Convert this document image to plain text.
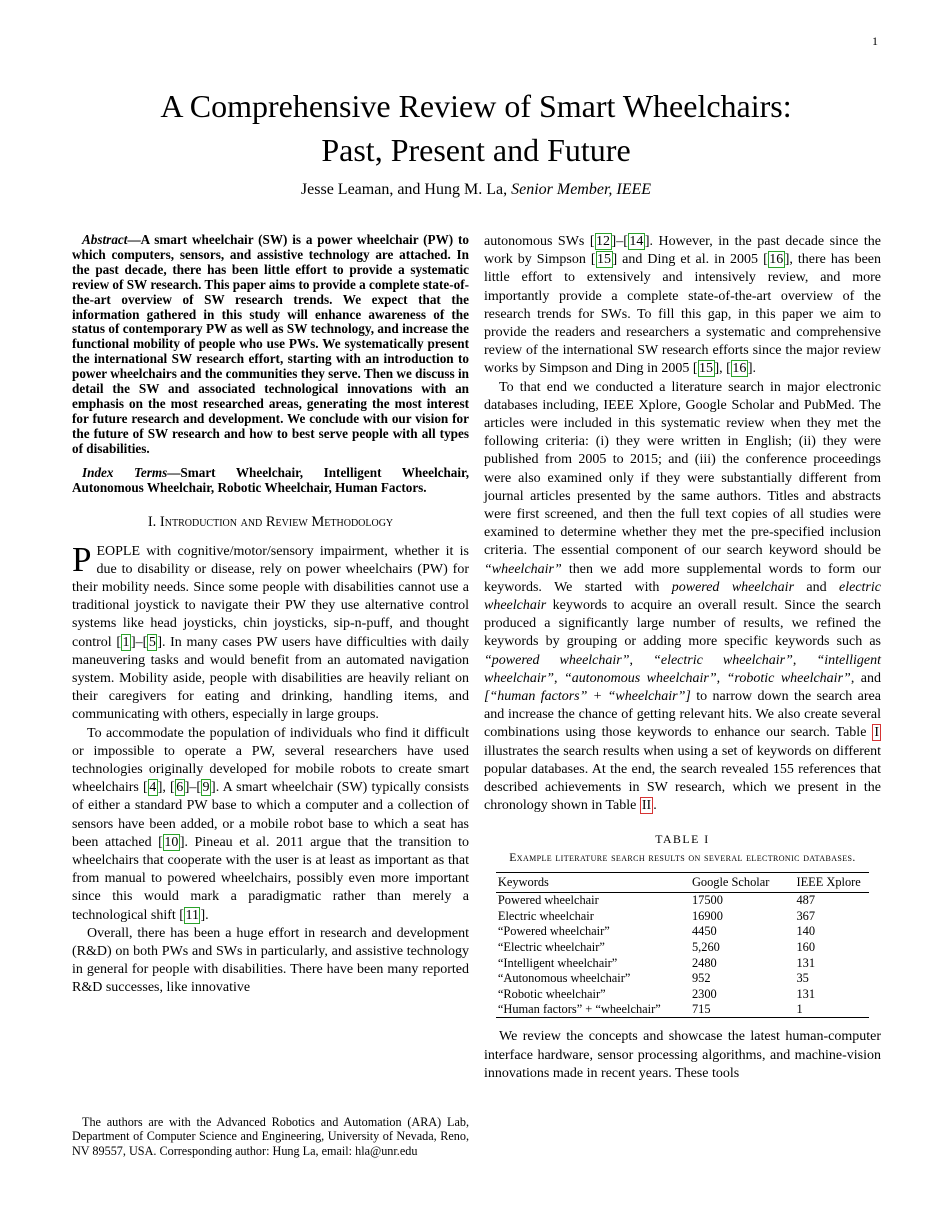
1
A Comprehensive Review of Smart Wheelchairs:
Past, Present and Future
Jesse Leaman, and Hung M. La, Senior Member, IEEE

Abstract—A smart wheelchair (SW) is a power wheelchair (PW) to which computers, sensors, and assistive technology are attached. In the past decade, there has been little effort to provide a systematic review of SW research. This paper aims to provide a complete state-of-the-art overview of SW research trends. We expect that the information gathered in this study will enhance awareness of the status of contemporary PW as well as SW technology, and increase the functional mobility of people who use PWs. We systematically present the international SW research effort, starting with an introduction to power wheelchairs and the communities they serve. Then we discuss in detail the SW and associated technological innovations with an emphasis on the most researched areas, generating the most interest for future research and development. We conclude with our vision for the future of SW research and how to best serve people with all types of disabilities.

Index Terms—Smart Wheelchair, Intelligent Wheelchair, Autonomous Wheelchair, Robotic Wheelchair, Human Factors.

I. Introduction and Review Methodology

PEOPLE with cognitive/motor/sensory impairment, whether it is due to disability or disease, rely on power wheelchairs (PW) for their mobility needs. Since some people with disabilities cannot use a traditional joystick to navigate their PW they use alternative control systems like head joysticks, chin joysticks, sip-n-puff, and thought control [ 1 ]–[ 5 ]. In many cases PW users have difficulties with daily maneuvering tasks and would benefit from an automated navigation system. Mobility aside, people with disabilities are heavily reliant on their caregivers for eating and drinking, handling items, and communicating with others, especially in large groups.

To accommodate the population of individuals who find it difficult or impossible to operate a PW, several researchers have used technologies originally developed for mobile robots to create smart wheelchairs [ 4 ], [ 6 ]–[ 9 ]. A smart wheelchair (SW) typically consists of either a standard PW base to which a computer and a collection of sensors have been added, or a mobile robot base to which a seat has been attached [ 10 ]. Pineau et al. 2011 argue that the transition to wheelchairs that cooperate with the user is at least as important as that from manual to powered wheelchairs, possibly even more important since this would mark a paradigmatic rather than merely a technological shift [ 11 ].

Overall, there has been a huge effort in research and development (R&D) on both PWs and SWs in particularly, and assistive technology in general for people with disabilities. There have been many reported R&D successes, like innovative

The authors are with the Advanced Robotics and Automation (ARA) Lab, Department of Computer Science and Engineering, University of Nevada, Reno, NV 89557, USA. Corresponding author: Hung La, email: hla@unr.edu

autonomous SWs [ 12 ]–[ 14 ]. However, in the past decade since the work by Simpson [ 15 ] and Ding et al. in 2005 [ 16 ], there has been little effort to extensively and intensively review, and more importantly provide a complete state-of-the-art overview of the research trends for SWs. To fill this gap, in this paper we aim to provide the readers and researchers a systematic and comprehensive review of the international SW research efforts since the major review works by Simpson and Ding in 2005 [ 15 ], [ 16 ].

To that end we conducted a literature search in major electronic databases including, IEEE Xplore, Google Scholar and PubMed. The articles were included in this systematic review when they met the following criteria: (i) they were written in English; (ii) they were published from 2005 to 2015; and (iii) the conference proceedings were also examined only if they were substantially different from journal articles presented by the same authors. Titles and abstracts were first screened, and then the full text copies of all studies were examined to determine whether they met the pre-specified inclusion criteria. The essential component of our search keyword should be “wheelchair” then we add more supplemental words to form our keywords. We started with powered wheelchair and electric wheelchair keywords to acquire an overall result. Since the search produced a significantly large number of results, we refined the keywords by grouping or adding more specific keywords such as “powered wheelchair”, “electric wheelchair”, “intelligent wheelchair”, “autonomous wheelchair”, “robotic wheelchair”, and [“human factors” + “wheelchair”] to narrow down the search area and increase the chance of getting relevant hits. We also create several combinations using those keywords to enhance our search. Table I illustrates the search results when using a set of keywords on different popular databases. At the end, the search revealed 155 references that described achievements in SW research, which we present in the chronology shown in Table II .

TABLE I
Example literature search results on several electronic databases.
Keywords	Google Scholar	IEEE Xplore
Powered wheelchair	17500	487
Electric wheelchair	16900	367
“Powered wheelchair”	4450	140
“Electric wheelchair”	5,260	160
“Intelligent wheelchair”	2480	131
“Autonomous wheelchair”	952	35
“Robotic wheelchair”	2300	131
“Human factors” + “wheelchair”	715	1

We review the concepts and showcase the latest human-computer interface hardware, sensor processing algorithms, and machine-vision innovations made in recent years. These tools
